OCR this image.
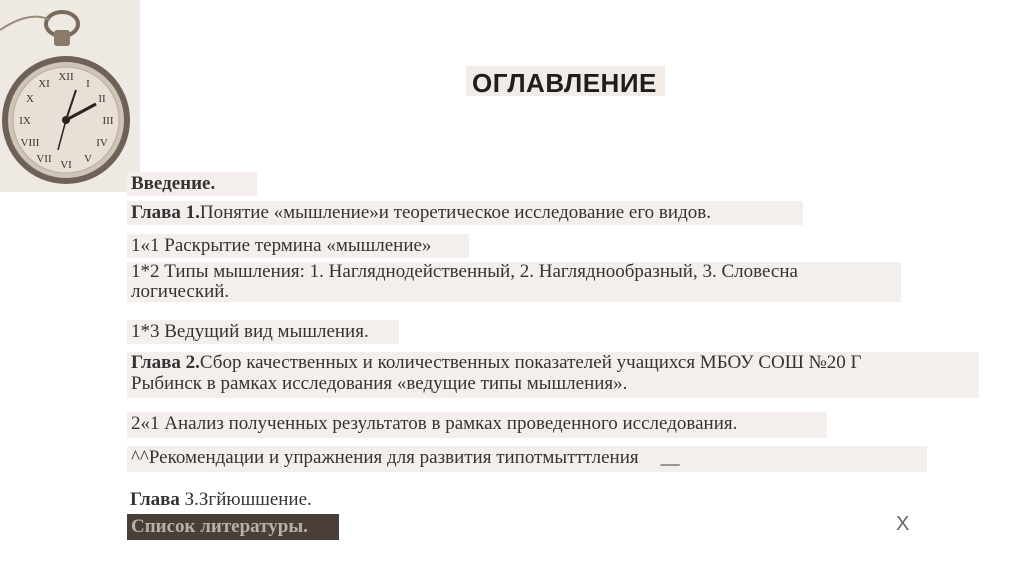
XII
I
II
III
IV
V
VI
VII
VIII
IX
X
XI	ОГЛАВЛЕНИЕ
Введение.
Глава 1.Понятие «мышление»и теоретическое исследование его видов.
1«1 Раскрытие термина «мышление»
1*2 Типы мышления: 1. Нагляднодейственный, 2. Нагляднообразный, 3. Словесна
логический.
1*3 Ведущий вид мышления.
Глава 2.Сбор качественных и количественных показателей учащихся МБОУ СОШ №20 Г
Рыбинск в рамках исследования «ведущие типы мышления».
2«1 Анализ полученных результатов в рамках проведенного исследования.
^^Рекомендации и упражнения для развития типотмытттления __
Глава З.Згйюшшение.
Список литературы.	X
